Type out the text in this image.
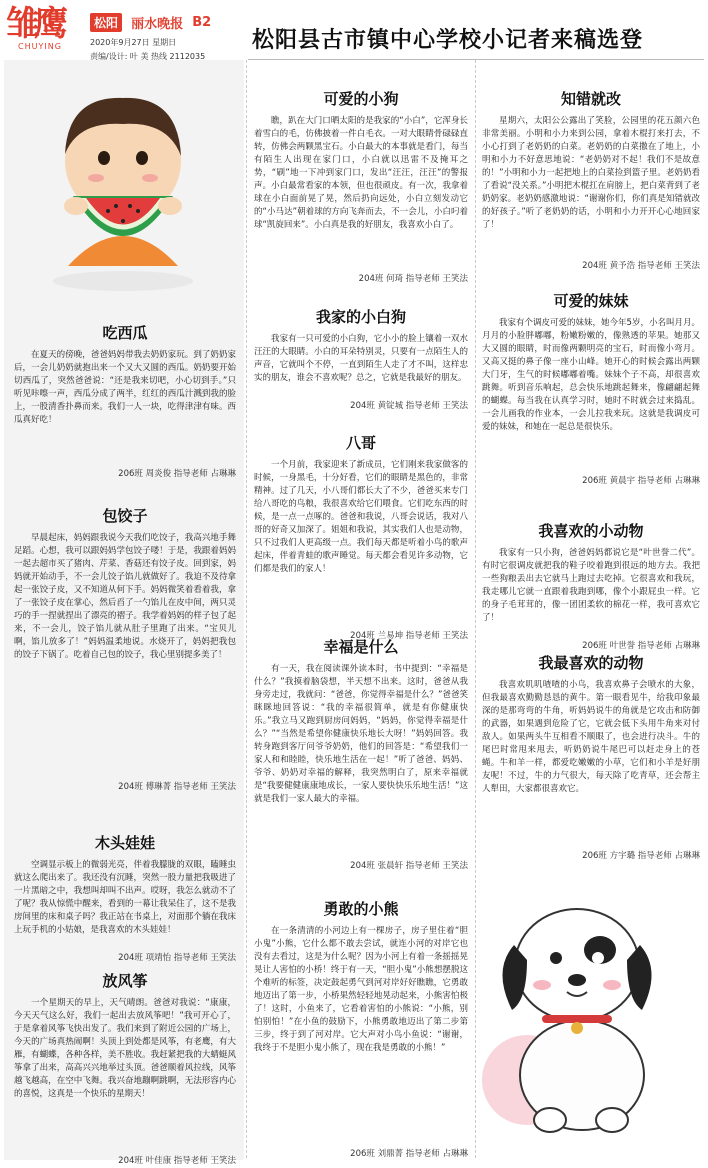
雏鹰
CHUYING
松阳 丽水晚报 B2
2020年9月27日 星期日
责编/设计: 叶 美 热线 2112035
松阳县古市镇中心学校小记者来稿选登
吃西瓜

在夏天的傍晚，爸爸妈妈带我去奶奶家玩。到了奶奶家后，一会儿奶奶就抱出来一个又大又圆的西瓜。奶奶要开始切西瓜了，突然爸爸说：“还是我来切吧，小心切到手。”只听见咔嚓一声，西瓜分成了两半，红红的西瓜汁溅到我的脸上，一股清香扑鼻而来。我们一人一块，吃得津津有味。西瓜真好吃！

206班 周炎俊 指导老师 占琳琳

包饺子

早晨起床，妈妈跟我说今天我们吃饺子，我高兴地手舞足蹈。心想，我可以跟妈妈学包饺子喽！于是，我跟着妈妈一起去超市买了猪肉、芹菜、香菇还有饺子皮。回到家，妈妈就开始动手，不一会儿饺子馅儿就做好了。我迫不及待拿起一张饺子皮，又不知道从何下手。妈妈微笑着看着我，拿了一张饺子皮在掌心，然后舀了一勺馅儿在皮中间，两只灵巧的手一捏就捏出了漂亮的褶子。我学着妈妈的样子包了起来，不一会儿，饺子馅儿就从肚子里跑了出来。“宝贝儿啊，馅儿放多了！”妈妈温柔地说。水烧开了，妈妈把我包的饺子下锅了。吃着自己包的饺子，我心里别提多美了！

204班 傅琳菁 指导老师 王笑法

木头娃娃

空调显示板上的微弱光亮，伴着我朦胧的双眼，瞌睡虫就这么爬出来了。我还没有沉睡，突然一股力量把我吸进了一片黑暗之中，我想叫却叫不出声。哎呀，我怎么就动不了了呢？我从惊慌中醒来，看到的一幕让我呆住了，这不是我房间里的床和桌子吗？我正站在书桌上，对面那个躺在我床上玩手机的小姑娘，是我喜欢的木头娃娃！

204班 项靖怡 指导老师 王笑法

放风筝

一个星期天的早上，天气晴朗。爸爸对我说：“康康，今天天气这么好，我们一起出去放风筝吧！”我可开心了，于是拿着风筝飞快出发了。我们来到了附近公园的广场上，今天的广场真热闹啊！头顶上到处都是风筝，有老鹰，有大雁，有蝴蝶，各种各样，美不胜收。我赶紧把我的大蜻蜓风筝拿了出来，高高兴兴地举过头顶。爸爸顺着风拉线，风筝越飞越高，在空中飞舞。我兴奋地蹦啊跳啊，无法形容内心的喜悦，这真是一个快乐的星期天！

204班 叶佳康 指导老师 王笑法

可爱的小狗

瞧，趴在大门口晒太阳的是我家的“小白”，它浑身长着雪白的毛，仿佛披着一件白毛衣。一对大眼睛骨碌碌直转，仿佛会两颗黑宝石。小白最大的本事就是看门，每当有陌生人出现在家门口，小白就以迅雷不及掩耳之势，“刷”地一下冲到家门口，发出“汪汪，汪汪”的警报声。小白最常看家的本领，但也很顽皮。有一次，我拿着球在小白面前晃了晃，然后扔向远处，小白立刻发动它的“小马达”朝着球的方向飞奔而去，不一会儿，小白叼着球“凯旋回来”。小白真是我的好朋友，我喜欢小白了。

204班 何琦 指导老师 王笑法

我家的小白狗

我家有一只可爱的小白狗，它小小的脸上镶着一双水汪汪的大眼睛。小白的耳朵特别灵，只要有一点陌生人的声音，它就叫个不停，一直到陌生人走了才不叫，这样忠实的朋友，谁会不喜欢呢？总之，它就是我最好的朋友。

204班 黄锭城 指导老师 王笑法

八哥

一个月前，我家迎来了新成员，它们刚来我家做客的时候，一身黑毛，十分好看，它们的眼睛是黑色的，非常精神。过了几天，小八哥们都长大了不少，爸爸买来专门给八哥吃的鸟粮，我很喜欢给它们喂食。它们吃东西的时候，是一点一点啄的。爸爸和我说，八哥会说话，我对八哥的好奇又加深了。姐姐和我说，其实我们人也是动物，只不过我们人更高级一点。我们每天都是听着小鸟的歌声起床，伴着青蛙的歌声睡觉。每天都会看见许多动物，它们都是我们的家人！

204班 兰易坤 指导老师 王笑法

幸福是什么

有一天，我在阅读课外读本时，书中提到：“幸福是什么？”我摸着脑袋想，半天想不出来。这时，爸爸从我身旁走过，我就问：“爸爸，你觉得幸福是什么？”爸爸笑眯眯地回答说：“我的幸福很简单，就是有你健康快乐。”我立马又跑到厨房问妈妈，“妈妈，你觉得幸福是什么？”“当然是希望你健康快乐地长大呀！”妈妈回答。我转身跑到客厅问爷爷奶奶，他们的回答是：“希望我们一家人和和睦睦，快乐地生活在一起！”听了爸爸、妈妈、爷爷、奶奶对幸福的解释，我突然明白了，原来幸福就是“我要健健康康地成长，一家人要快快乐乐地生活！”这就是我们一家人最大的幸福。

204班 张晨轩 指导老师 王笑法

勇敢的小熊

在一条清清的小河边上有一棵房子，房子里住着“胆小鬼”小熊，它什么都不敢去尝试，就连小河的对岸它也没有去看过，这是为什么呢？因为小河上有着一条摇摇晃晃让人害怕的小桥！终于有一天，“胆小鬼”小熊想摆脱这个难听的标签，决定鼓起勇气到河对岸好好瞧瞧，它勇敢地迈出了第一步，小桥果然轻轻地晃动起来，小熊害怕极了！这时，小鱼来了，它看着害怕的小熊说：“小熊，别怕别怕！”在小鱼的鼓励下，小熊勇敢地迈出了第二步第三步，终于到了河对岸。它大声对小鸟小鱼说：“谢谢，我终于不是胆小鬼小熊了，现在我是勇敢的小熊！”

206班 刘鼎菁 指导老师 占琳琳

知错就改

星期六，太阳公公露出了笑脸，公园里的花五颜六色非常美丽。小明和小力来到公园，拿着木棍打来打去，不小心打到了老奶奶的白菜。老奶奶的白菜撒在了地上，小明和小力不好意思地说：“老奶奶对不起！我们不是故意的！”小明和小力一起把地上的白菜捡到篮子里。老奶奶看了看说“没关系。”小明把木棍扛在肩膀上，把白菜背到了老奶奶家。老奶奶感激地说：“谢谢你们，你们真是知错就改的好孩子。”听了老奶奶的话，小明和小力开开心心地回家了！

204班 黄予浩 指导老师 王笑法

可爱的妹妹

我家有个调皮可爱的妹妹，她今年5岁，小名叫月月。月月的小脸胖嘟嘟，粉嫩粉嫩的，像熟透的苹果。她那又大又圆的眼睛，时而像两颗明亮的宝石，时而像小弯月。又高又挺的鼻子像一座小山峰。她开心的时候会露出两颗大门牙，生气的时候嘟嘟着嘴。妹妹个子不高，却很喜欢跳舞。听到音乐响起，总会快乐地跳起舞来，像翩翩起舞的蝴蝶。每当我在认真学习时，她时不时就会过来捣乱。一会儿画我的作业本，一会儿拉我来玩。这就是我调皮可爱的妹妹，和她在一起总是很快乐。

206班 黄晨宇 指导老师 占琳琳

我喜欢的小动物

我家有一只小狗，爸爸妈妈都说它是“叶世誉二代”。有时它很调皮就把我的鞋子咬着跑到很远的地方去。我把一些狗粮丢出去它就马上跑过去吃掉。它很喜欢和我玩，我走哪儿它就一直跟着我跑到哪，像个小跟屁虫一样。它的身子毛茸茸的，像一团团柔软的棉花一样，我可喜欢它了！

206班 叶世誉 指导老师 占琳琳

我最喜欢的动物

我喜欢叽叽喳喳的小鸟，我喜欢鼻子会喷水的大象，但我最喜欢勤勤恳恳的黄牛。第一眼看见牛，给我印象最深的是那弯弯的牛角，听妈妈说牛的角就是它攻击和防御的武器，如果遇到危险了它，它就会低下头用牛角来对付敌人。如果两头牛互相看不顺眼了，也会进行决斗。牛的尾巴时常甩来甩去，听奶奶说牛尾巴可以赶走身上的苍蝇。牛和羊一样，都爱吃嫩嫩的小草，它们和小羊是好朋友呢！不过，牛的力气很大，每天除了吃青草，还会帮主人犁田，大家都很喜欢它。

206班 方宇璐 指导老师 占琳琳
